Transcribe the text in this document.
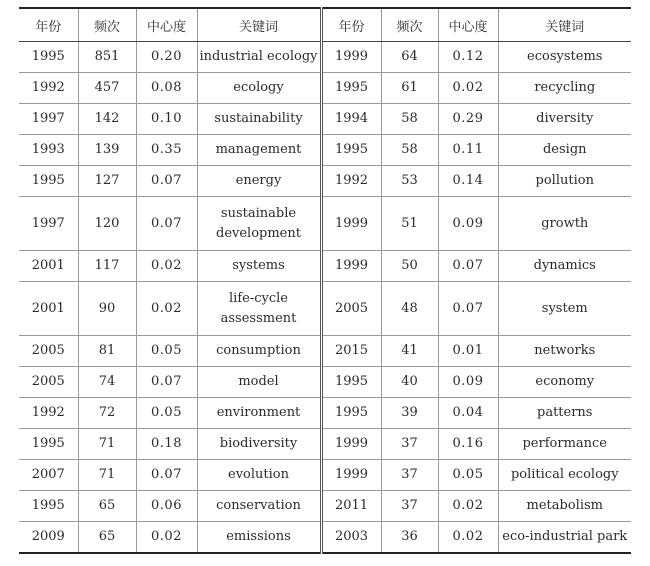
年份	频次	中心度	关键词	年份	频次	中心度	关键词
1995	851	0.20	industrial ecology	1999	64	0.12	ecosystems
1992	457	0.08	ecology	1995	61	0.02	recycling
1997	142	0.10	sustainability	1994	58	0.29	diversity
1993	139	0.35	management	1995	58	0.11	design
1995	127	0.07	energy	1992	53	0.14	pollution
1997	120	0.07	sustainable development	1999	51	0.09	growth
2001	117	0.02	systems	1999	50	0.07	dynamics
2001	90	0.02	life-cycle assessment	2005	48	0.07	system
2005	81	0.05	consumption	2015	41	0.01	networks
2005	74	0.07	model	1995	40	0.09	economy
1992	72	0.05	environment	1995	39	0.04	patterns
1995	71	0.18	biodiversity	1999	37	0.16	performance
2007	71	0.07	evolution	1999	37	0.05	political ecology
1995	65	0.06	conservation	2011	37	0.02	metabolism
2009	65	0.02	emissions	2003	36	0.02	eco-industrial park
